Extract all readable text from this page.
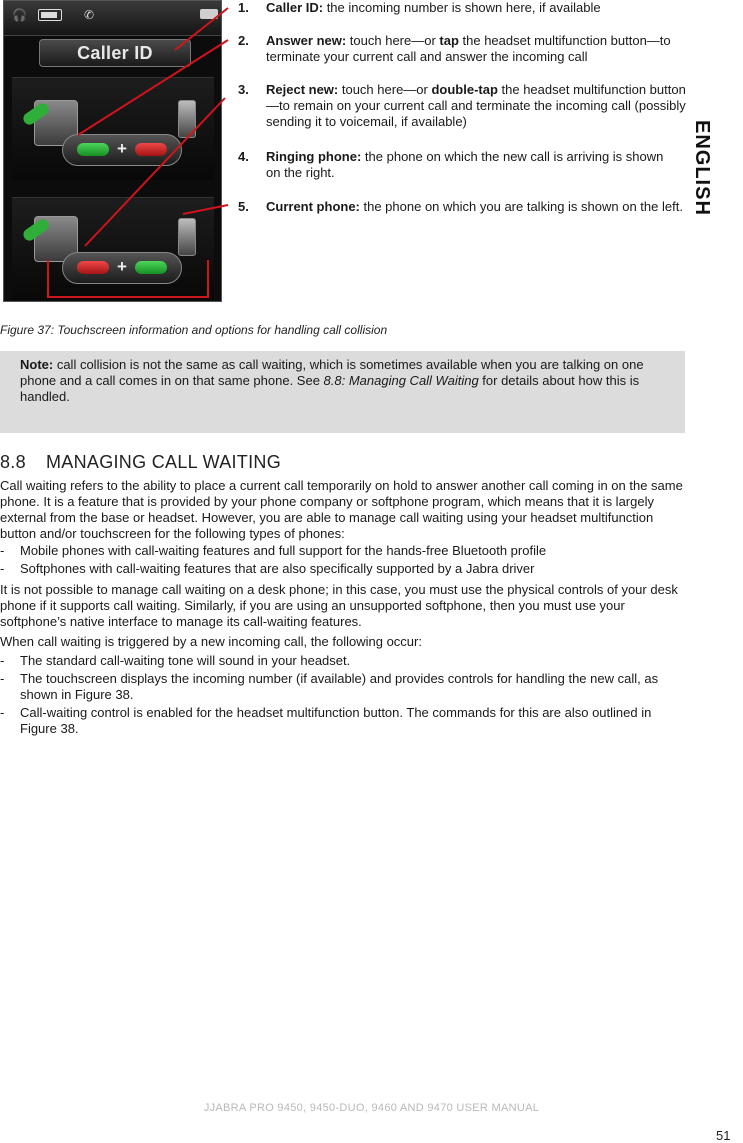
🎧	✆
Caller ID
+
+
1. Caller ID: the incoming number is shown here, if available
2. Answer new: touch here—or tap the headset multifunction button—to terminate your current call and answer the incoming call
3. Reject new: touch here—or double-tap the headset multifunction button—to remain on your current call and terminate the incoming call (possibly sending it to voicemail, if available)
4. Ringing phone: the phone on which the new call is arriving is shown on the right.
5. Current phone: the phone on which you are talking is shown on the left. ENGLISH
Figure 37: Touchscreen information and options for handling call collision
Note: call collision is not the same as call waiting, which is sometimes available when you are talking on one phone and a call comes in on that same phone. See 8.8: Managing Call Waiting for details about how this is handled.
8.8 MANAGING CALL WAITING
Call waiting refers to the ability to place a current call temporarily on hold to answer another call coming in on the same phone. It is a feature that is provided by your phone company or softphone program, which means that it is largely external from the base or headset. However, you are able to manage call waiting using your headset multifunction button and/or touchscreen for the following types of phones:
- Mobile phones with call-waiting features and full support for the hands-free Bluetooth profile
- Softphones with call-waiting features that are also specifically supported by a Jabra driver
It is not possible to manage call waiting on a desk phone; in this case, you must use the physical controls of your desk phone if it supports call waiting. Similarly, if you are using an unsupported softphone, then you must use your softphone’s native interface to manage its call-waiting features.
When call waiting is triggered by a new incoming call, the following occur:
- The standard call-waiting tone will sound in your headset.
- The touchscreen displays the incoming number (if available) and provides controls for handling the new call, as shown in Figure 38.
- Call-waiting control is enabled for the headset multifunction button. The commands for this are also outlined in Figure 38.
JJABRA PRO 9450, 9450-DUO, 9460 AND 9470 USER MANUAL
51
